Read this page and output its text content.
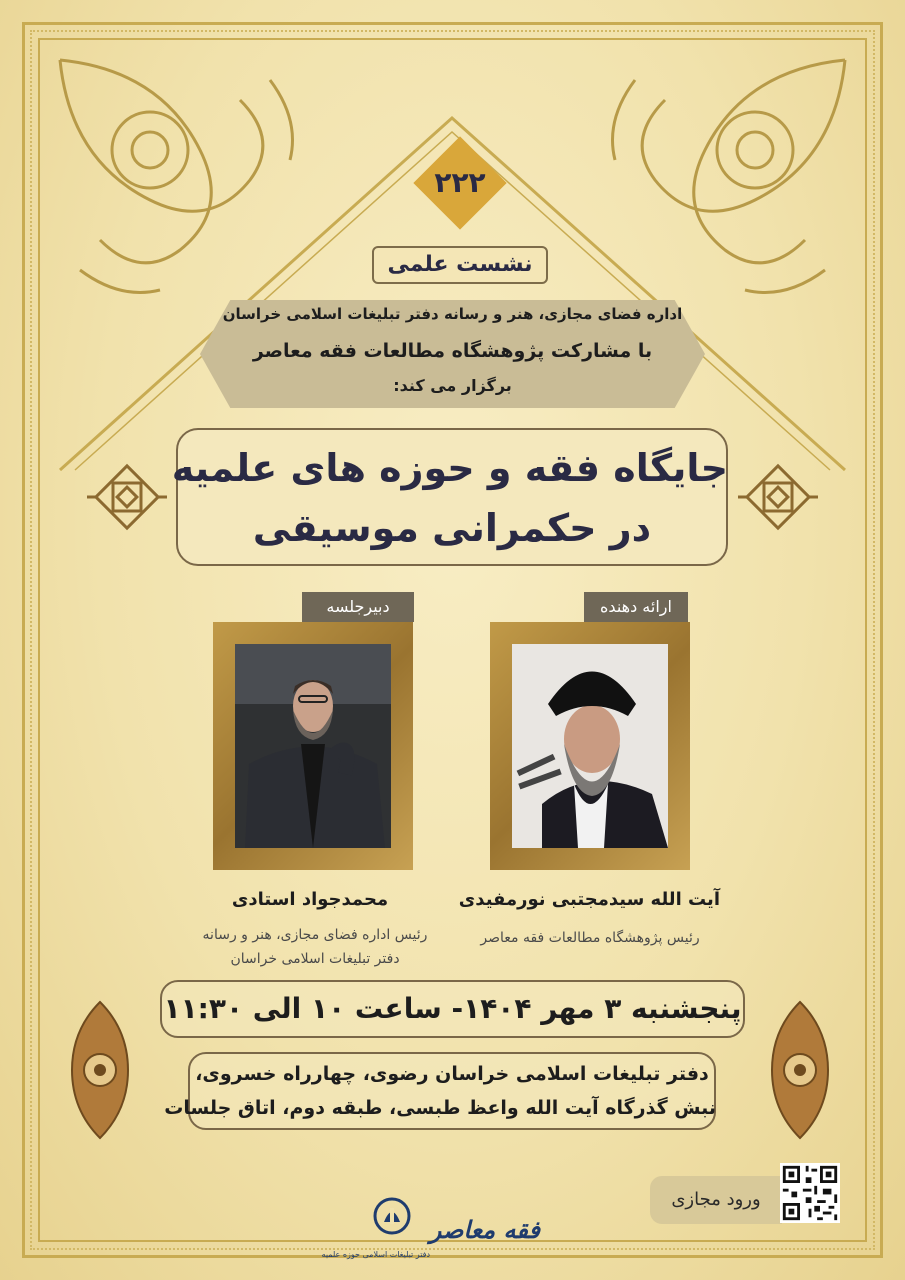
۲۲۲
نشست علمی
اداره فضای مجازی، هنر و رسانه دفتر تبلیغات اسلامی خراسان
با مشارکت پژوهشگاه مطالعات فقه معاصر
برگزار می کند:
جایگاه فقه و حوزه های علمیه
در حکمرانی موسیقی
ارائه دهنده
آیت الله سیدمجتبی نورمفیدی
رئیس پژوهشگاه مطالعات فقه معاصر
دبیرجلسه
محمدجواد استادی
رئیس اداره فضای مجازی، هنر و رسانه
دفتر تبلیغات اسلامی خراسان
پنجشنبه ۳ مهر ۱۴۰۴- ساعت ۱۰ الی ۱۱:۳۰
دفتر تبلیغات اسلامی خراسان رضوی، چهارراه خسروی،
نبش گذرگاه آیت الله واعظ طبسی، طبقه دوم، اتاق جلسات
ورود مجازی
دفتر تبلیغات اسلامی حوزه علمیه
فقه معاصر
